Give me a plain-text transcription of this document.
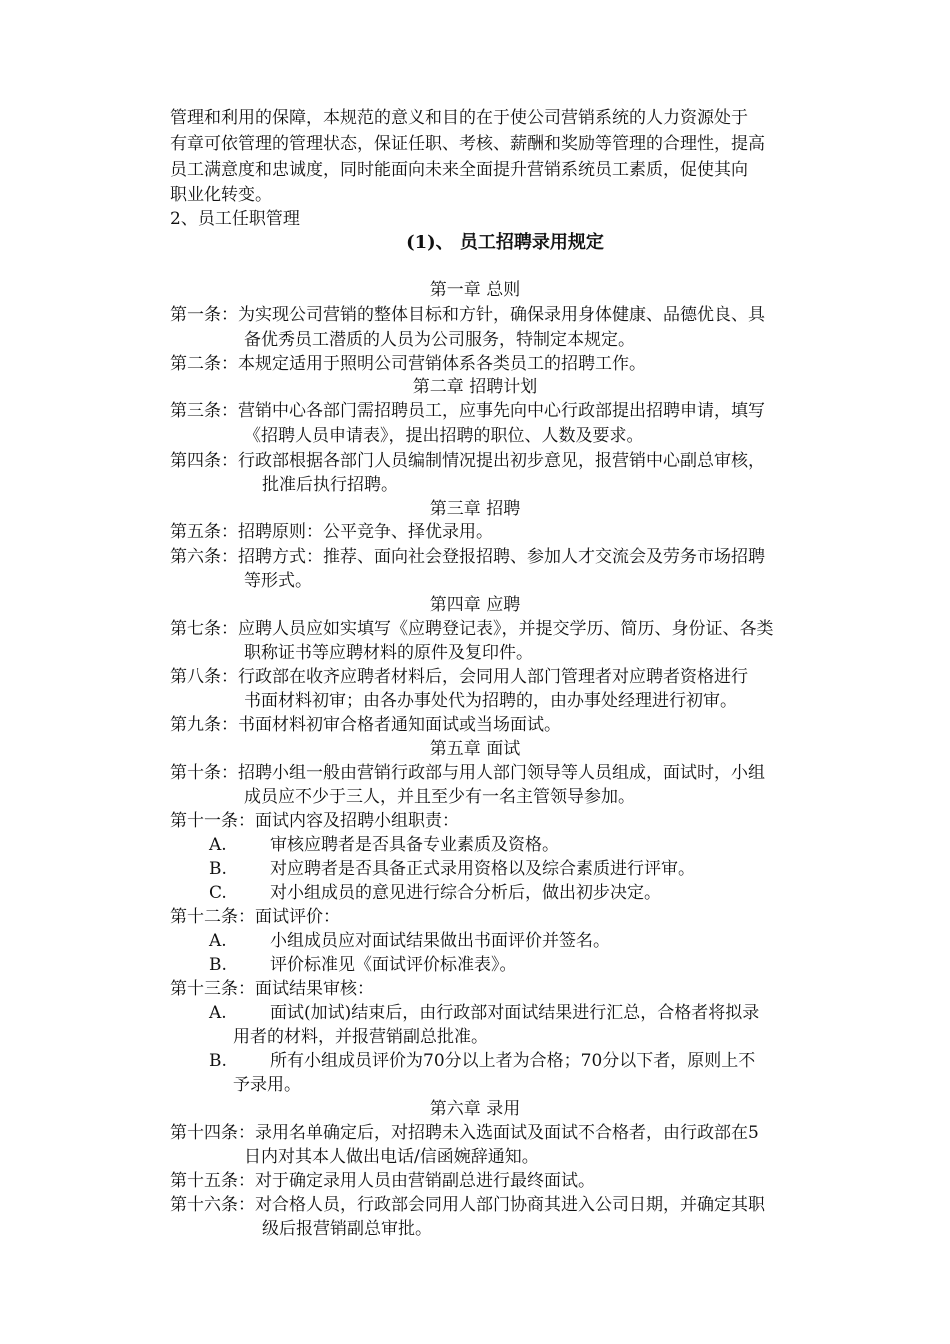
管理和利用的保障，本规范的意义和目的在于使公司营销系统的人力资源处于
有章可依管理的管理状态，保证任职、考核、薪酬和奖励等管理的合理性，提高
员工满意度和忠诚度，同时能面向未来全面提升营销系统员工素质，促使其向
职业化转变。
2、员工任职管理
(1)、 员工招聘录用规定
第一章 总则
第一条：为实现公司营销的整体目标和方针，确保录用身体健康、品德优良、具
备优秀员工潜质的人员为公司服务，特制定本规定。
第二条：本规定适用于照明公司营销体系各类员工的招聘工作。
第二章 招聘计划
第三条：营销中心各部门需招聘员工，应事先向中心行政部提出招聘申请，填写
《招聘人员申请表》，提出招聘的职位、人数及要求。
第四条：行政部根据各部门人员编制情况提出初步意见，报营销中心副总审核，
批准后执行招聘。
第三章 招聘
第五条：招聘原则：公平竞争、择优录用。
第六条：招聘方式：推荐、面向社会登报招聘、参加人才交流会及劳务市场招聘
等形式。
第四章 应聘
第七条：应聘人员应如实填写《应聘登记表》，并提交学历、简历、身份证、各类
职称证书等应聘材料的原件及复印件。
第八条：行政部在收齐应聘者材料后，会同用人部门管理者对应聘者资格进行
书面材料初审；由各办事处代为招聘的，由办事处经理进行初审。
第九条：书面材料初审合格者通知面试或当场面试。
第五章 面试
第十条：招聘小组一般由营销行政部与用人部门领导等人员组成，面试时，小组
成员应不少于三人，并且至少有一名主管领导参加。
第十一条：面试内容及招聘小组职责：
A.	审核应聘者是否具备专业素质及资格。
B.	对应聘者是否具备正式录用资格以及综合素质进行评审。
C.	对小组成员的意见进行综合分析后，做出初步决定。
第十二条：面试评价：
A.	小组成员应对面试结果做出书面评价并签名。
B.	评价标准见《面试评价标准表》。
第十三条：面试结果审核：
A.	面试(加试)结束后，由行政部对面试结果进行汇总，合格者将拟录
用者的材料，并报营销副总批准。
B.	所有小组成员评价为70分以上者为合格；70分以下者，原则上不
予录用。
第六章 录用
第十四条：录用名单确定后，对招聘未入选面试及面试不合格者，由行政部在5
日内对其本人做出电话/信函婉辞通知。
第十五条：对于确定录用人员由营销副总进行最终面试。
第十六条：对合格人员，行政部会同用人部门协商其进入公司日期，并确定其职
级后报营销副总审批。
